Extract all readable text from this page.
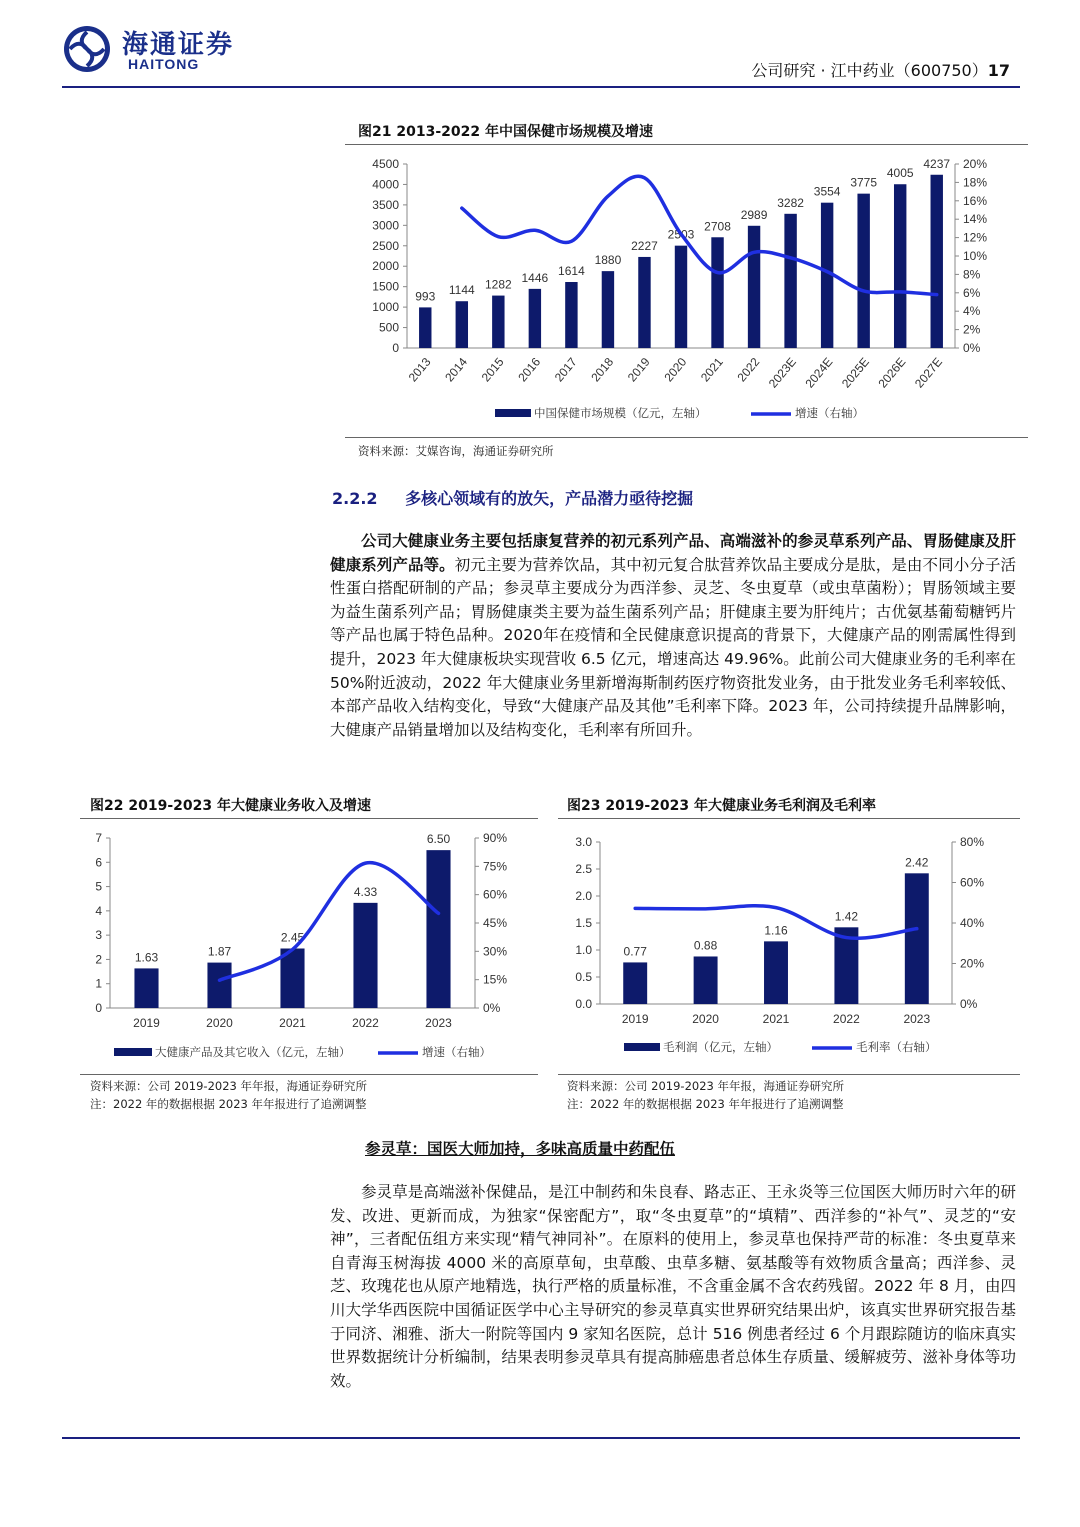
海通证券
HAITONG	公司研究 · 江中药业（600750）17
图21 2013-2022 年中国保健市场规模及增速
0
500
1000
1500
2000
2500
3000
3500
4000
4500
0%
2%
4%
6%
8%
10%
12%
14%
16%
18%
20%
993
2013
1144
2014
1282
2015
1446
2016
1614
2017
1880
2018
2227
2019
2503
2020
2708
2021
2989
2022
3282
2023E
3554
2024E
3775
2025E
4005
2026E
4237
2027E
中国保健市场规模（亿元，左轴）	增速（右轴）
资料来源：艾媒咨询，海通证券研究所
2.2.2 多核心领域有的放矢，产品潜力亟待挖掘
公司大健康业务主要包括康复营养的初元系列产品、高端滋补的参灵草系列产品、胃肠健康及肝健康系列产品等。初元主要为营养饮品，其中初元复合肽营养饮品主要成分是肽，是由不同小分子活性蛋白搭配研制的产品；参灵草主要成分为西洋参、灵芝、冬虫夏草（或虫草菌粉）；胃肠领域主要为益生菌系列产品；胃肠健康类主要为益生菌系列产品；肝健康主要为肝纯片；古优氨基葡萄糖钙片等产品也属于特色品种。2020年在疫情和全民健康意识提高的背景下，大健康产品的刚需属性得到提升，2023 年大健康板块实现营收 6.5 亿元，增速高达 49.96%。此前公司大健康业务的毛利率在 50%附近波动，2022 年大健康业务里新增海斯制药医疗物资批发业务，由于批发业务毛利率较低、本部产品收入结构变化，导致“大健康产品及其他”毛利率下降。2023 年，公司持续提升品牌影响，大健康产品销量增加以及结构变化，毛利率有所回升。
图22 2019-2023 年大健康业务收入及增速
0
1
2
3
4
5
6
7
0%
15%
30%
45%
60%
75%
90%
1.63
2019
1.87
2020
2.45
2021
4.33
2022
6.50
2023
大健康产品及其它收入（亿元，左轴）	增速（右轴）
资料来源：公司 2019-2023 年年报，海通证券研究所
注：2022 年的数据根据 2023 年年报进行了追溯调整
图23 2019-2023 年大健康业务毛利润及毛利率
0.0
0.5
1.0
1.5
2.0
2.5
3.0
0%
20%
40%
60%
80%
0.77
2019
0.88
2020
1.16
2021
1.42
2022
2.42
2023
毛利润（亿元，左轴）	毛利率（右轴）
资料来源：公司 2019-2023 年年报，海通证券研究所
注：2022 年的数据根据 2023 年年报进行了追溯调整
参灵草：国医大师加持，多味高质量中药配伍
参灵草是高端滋补保健品，是江中制药和朱良春、路志正、王永炎等三位国医大师历时六年的研发、改进、更新而成，为独家“保密配方”，取“冬虫夏草”的“填精”、西洋参的“补气”、灵芝的“安神”，三者配伍组方来实现“精气神同补”。在原料的使用上，参灵草也保持严苛的标准：冬虫夏草来自青海玉树海拔 4000 米的高原草甸，虫草酸、虫草多糖、氨基酸等有效物质含量高；西洋参、灵芝、玫瑰花也从原产地精选，执行严格的质量标准，不含重金属不含农药残留。2022 年 8 月，由四川大学华西医院中国循证医学中心主导研究的参灵草真实世界研究结果出炉，该真实世界研究报告基于同济、湘雅、浙大一附院等国内 9 家知名医院，总计 516 例患者经过 6 个月跟踪随访的临床真实世界数据统计分析编制，结果表明参灵草具有提高肺癌患者总体生存质量、缓解疲劳、滋补身体等功效。
